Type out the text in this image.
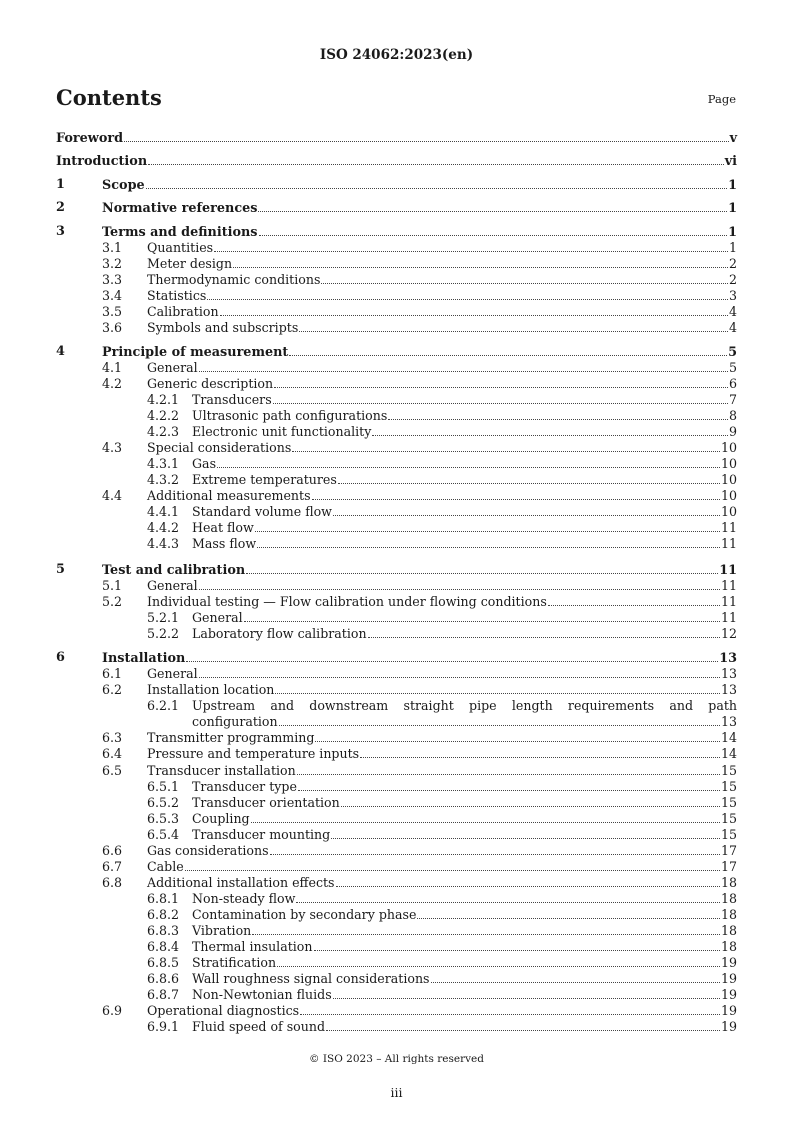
ISO 24062:2023(en)
Contents	Page
Foreword	v
Introduction	vi
1	Scope	1
2	Normative references	1
3	Terms and definitions	1
3.1 Quantities	1
3.2 Meter design	2
3.3 Thermodynamic conditions	2
3.4 Statistics	3
3.5 Calibration	4
3.6 Symbols and subscripts	4
4	Principle of measurement	5
4.1 General	5
4.2 Generic description	6
4.2.1 Transducers	7
4.2.2 Ultrasonic path configurations	8
4.2.3 Electronic unit functionality	9
4.3 Special considerations	10
4.3.1 Gas	10
4.3.2 Extreme temperatures	10
4.4 Additional measurements	10
4.4.1 Standard volume flow	10
4.4.2 Heat flow	11
4.4.3 Mass flow	11
5	Test and calibration	11
5.1 General	11
5.2 Individual testing — Flow calibration under flowing conditions	11
5.2.1 General	11
5.2.2 Laboratory flow calibration	12
6	Installation	13
6.1 General	13
6.2 Installation location	13
6.2.1 Upstream and downstream straight pipe length requirements and path
configuration	13
6.3 Transmitter programming	14
6.4 Pressure and temperature inputs	14
6.5 Transducer installation	15
6.5.1 Transducer type	15
6.5.2 Transducer orientation	15
6.5.3 Coupling	15
6.5.4 Transducer mounting	15
6.6 Gas considerations	17
6.7 Cable	17
6.8 Additional installation effects	18
6.8.1 Non-steady flow	18
6.8.2 Contamination by secondary phase	18
6.8.3 Vibration	18
6.8.4 Thermal insulation	18
6.8.5 Stratification	19
6.8.6 Wall roughness signal considerations	19
6.8.7 Non-Newtonian fluids	19
6.9 Operational diagnostics	19
6.9.1 Fluid speed of sound	19
© ISO 2023 – All rights reserved
iii
